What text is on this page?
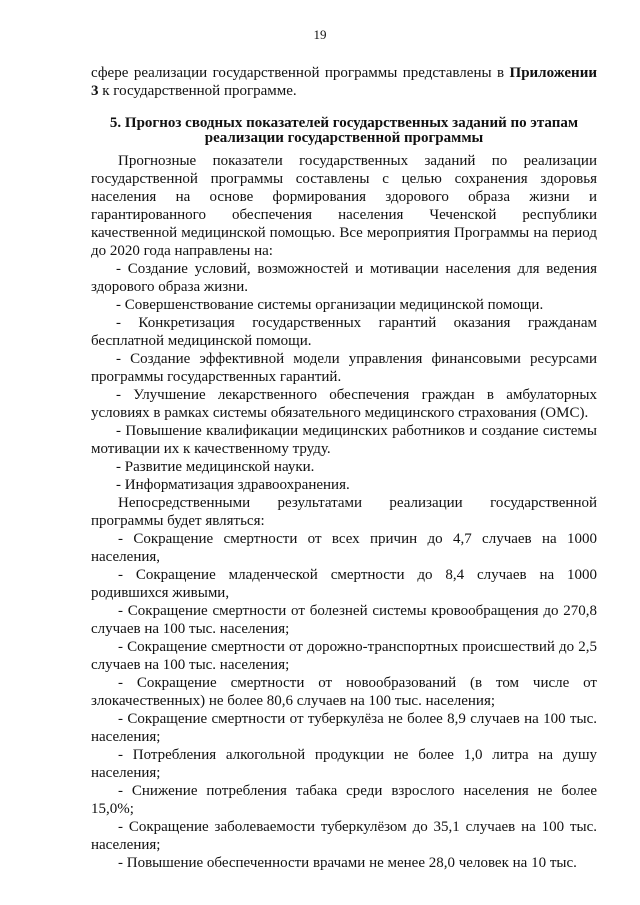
19
сфере реализации государственной программы представлены в Приложении 3 к государственной программе.
5. Прогноз сводных показателей государственных заданий по этапам реализации государственной программы

Прогнозные показатели государственных заданий по реализации государственной программы составлены с целью сохранения здоровья населения на основе формирования здорового образа жизни и гарантированного обеспечения населения Чеченской республики качественной медицинской помощью. Все мероприятия Программы на период до 2020 года направлены на:

- Создание условий, возможностей и мотивации населения для ведения здорового образа жизни.

- Совершенствование системы организации медицинской помощи.

- Конкретизация государственных гарантий оказания гражданам бесплатной медицинской помощи.

- Создание эффективной модели управления финансовыми ресурсами программы государственных гарантий.

- Улучшение лекарственного обеспечения граждан в амбулаторных условиях в рамках системы обязательного медицинского страхования (ОМС).

- Повышение квалификации медицинских работников и создание системы мотивации их к качественному труду.

- Развитие медицинской науки.

- Информатизация здравоохранения.

Непосредственными результатами реализации государственной программы будет являться:

- Сокращение смертности от всех причин до 4,7 случаев на 1000 населения,

- Сокращение младенческой смертности до 8,4 случаев на 1000 родившихся живыми,

- Сокращение смертности от болезней системы кровообращения до 270,8 случаев на 100 тыс. населения;

- Сокращение смертности от дорожно-транспортных происшествий до 2,5 случаев на 100 тыс. населения;

- Сокращение смертности от новообразований (в том числе от злокачественных) не более 80,6 случаев на 100 тыс. населения;

- Сокращение смертности от туберкулёза не более 8,9 случаев на 100 тыс. населения;

- Потребления алкогольной продукции не более 1,0 литра на душу населения;

- Снижение потребления табака среди взрослого населения не более 15,0%;

- Сокращение заболеваемости туберкулёзом до 35,1 случаев на 100 тыс. населения;

- Повышение обеспеченности врачами не менее 28,0 человек на 10 тыс.
